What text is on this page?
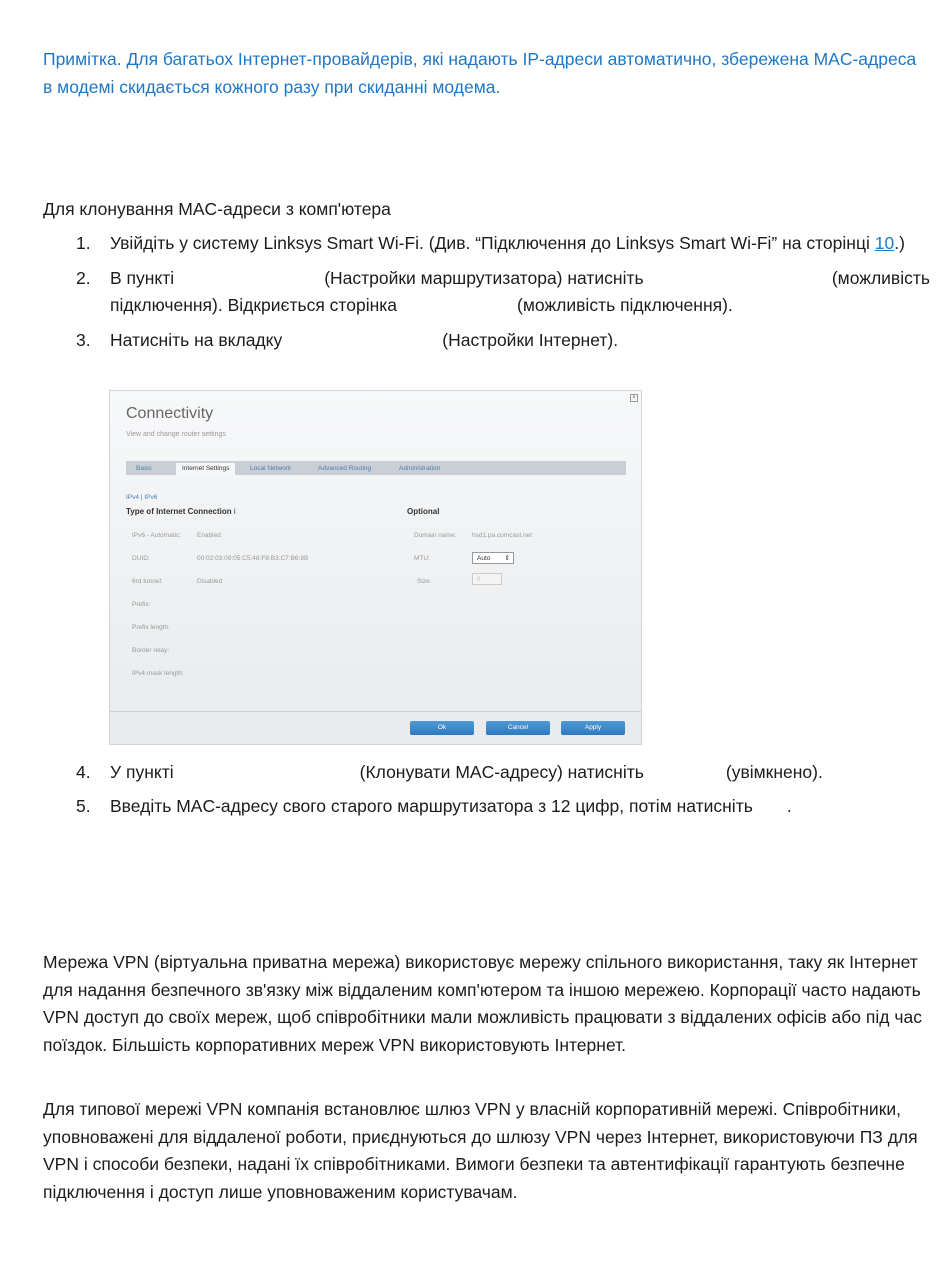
Примітка. Для багатьох Інтернет-провайдерів, які надають IP-адреси автоматично, збережена MAC-адреса в модемі скидається кожного разу при скиданні модема.
Для клонування MAC-адреси з комп'ютера
1. Увійдіть у систему Linksys Smart Wi-Fi. (Див. “Підключення до Linksys Smart Wi-Fi” на сторінці 10.)
2. В пункті	(Настройки маршрутизатора) натисніть	(можливість

підключення). Відкриється сторінка	(можливість підключення).
3. Натисніть на вкладку	(Настройки Інтернет).
×
Connectivity
View and change router settings
Basic	Internet Settings	Local Network	Advanced Routing	Administration
IPv4 | IPv6
Type of Internet Connection i	Optional
IPv6 - Automatic: Enabled
DUID:	00:02:03:09:05:C5:48:F8:B3:C7:B6:9B
6rd tunnel:	Disabled
Prefix:
Prefix length:
Border relay:
IPv4 mask length:
Domain name: hsd1.pa.comcast.net
MTU:	Auto ⇕
Size:	0
Ok	Cancel	Apply
4. У пункті	(Клонувати MAC-адресу) натисніть	(увімкнено).
5. Введіть MAC-адресу свого старого маршрутизатора з 12 цифр, потім натисніть .
Мережа VPN (віртуальна приватна мережа) використовує мережу спільного використання, таку як Інтернет для надання безпечного зв'язку між віддаленим комп'ютером та іншою мережею. Корпорації часто надають VPN доступ до своїх мереж, щоб співробітники мали можливість працювати з віддалених офісів або під час поїздок. Більшість корпоративних мереж VPN використовують Інтернет.
Для типової мережі VPN компанія встановлює шлюз VPN у власній корпоративній мережі. Співробітники, уповноважені для віддаленої роботи, приєднуються до шлюзу VPN через Інтернет, використовуючи ПЗ для VPN і способи безпеки, надані їх співробітниками. Вимоги безпеки та автентифікації гарантують безпечне підключення і доступ лише уповноваженим користувачам.
